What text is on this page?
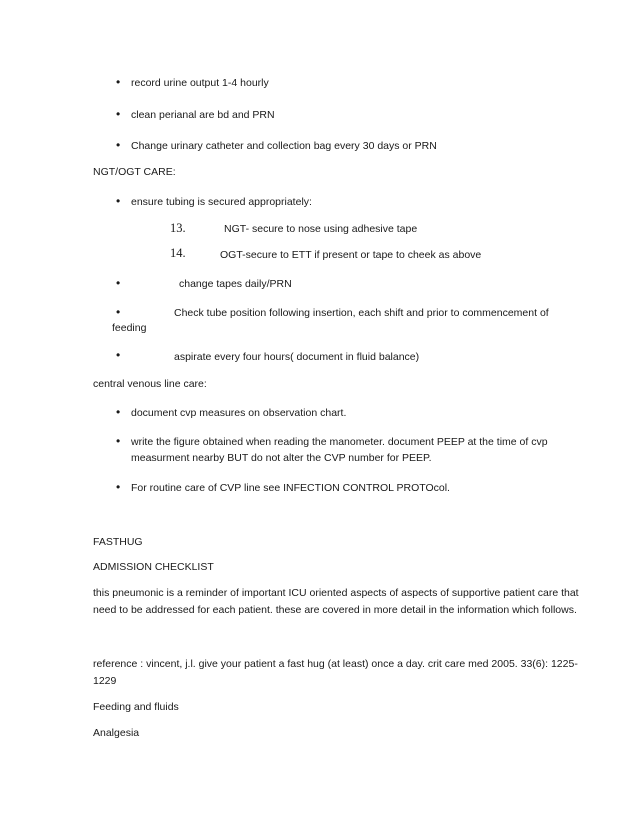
• record urine output 1-4 hourly
• clean perianal are bd and PRN
• Change urinary catheter and collection bag every 30 days or PRN
NGT/OGT CARE:
• ensure tubing is secured appropriately:
13.	NGT- secure to nose using adhesive tape
14.	OGT-secure to ETT if present or tape to cheek as above
•	change tapes daily/PRN
•	Check tube position following insertion, each shift and prior to commencement of
feeding
•	aspirate every four hours( document in fluid balance)
central venous line care:
• document cvp measures on observation chart.
• write the figure obtained when reading the manometer. document PEEP at the time of cvp
measurment nearby BUT do not alter the CVP number for PEEP.
• For routine care of CVP line see INFECTION CONTROL PROTOcol.
FASTHUG
ADMISSION CHECKLIST
this pneumonic is a reminder of important ICU oriented aspects of aspects of supportive patient care that
need to be addressed for each patient. these are covered in more detail in the information which follows.
reference : vincent, j.l. give your patient a fast hug (at least) once a day. crit care med 2005. 33(6): 1225-
1229
Feeding and fluids
Analgesia
